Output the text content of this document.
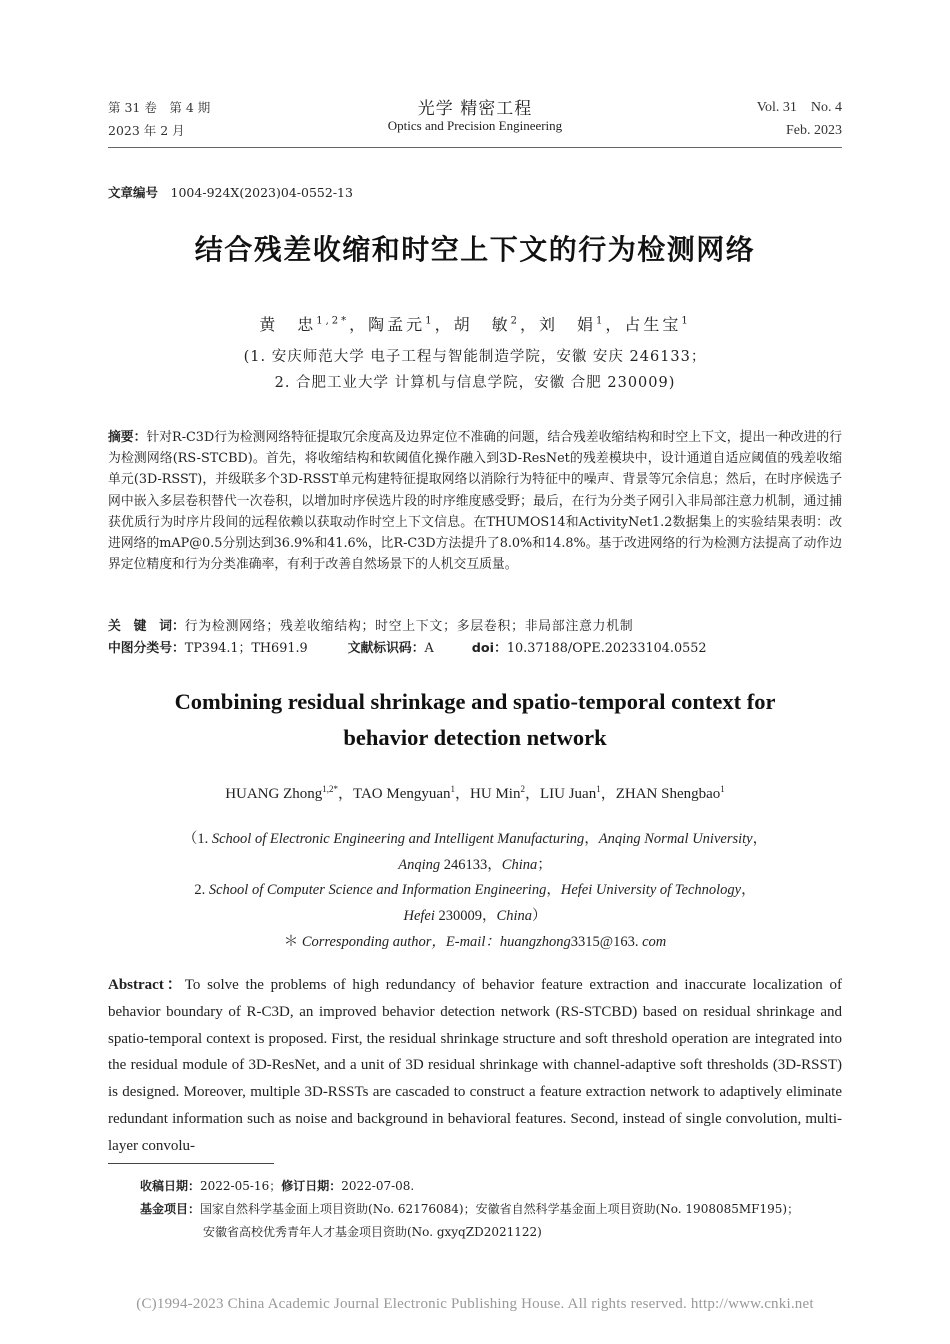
第 31 卷　第 4 期
2023 年 2 月
光学 精密工程
Optics and Precision Engineering
Vol. 31　No. 4
Feb. 2023
文章编号　 1004-924X(2023)04-0552-13
结合残差收缩和时空上下文的行为检测网络
黄　忠$^{1,2*}$，陶孟元$^1$，胡　敏$^2$，刘　娟$^1$，占生宝$^1$
(1. 安庆师范大学 电子工程与智能制造学院，安徽 安庆 246133；
2. 合肥工业大学 计算机与信息学院，安徽 合肥 230009)
摘要：针对R-C3D行为检测网络特征提取冗余度高及边界定位不准确的问题，结合残差收缩结构和时空上下文，提出一种改进的行为检测网络(RS-STCBD)。首先，将收缩结构和软阈值化操作融入到3D-ResNet的残差模块中，设计通道自适应阈值的残差收缩单元(3D-RSST)，并级联多个3D-RSST单元构建特征提取网络以消除行为特征中的噪声、背景等冗余信息；然后，在时序候选子网中嵌入多层卷积替代一次卷积，以增加时序侯选片段的时序维度感受野；最后，在行为分类子网引入非局部注意力机制，通过捕获优质行为时序片段间的远程依赖以获取动作时空上下文信息。在THUMOS14和ActivityNet1.2数据集上的实验结果表明：改进网络的mAP@0.5分别达到36.9%和41.6%，比R-C3D方法提升了8.0%和14.8%。基于改进网络的行为检测方法提高了动作边界定位精度和行为分类准确率，有利于改善自然场景下的人机交互质量。
关　键　词：行为检测网络；残差收缩结构；时空上下文；多层卷积；非局部注意力机制
中图分类号：TP394.1；TH691.9	文献标识码：A	doi：10.37188/OPE.20233104.0552
Combining residual shrinkage and spatio-temporal context for
behavior detection network
HUANG Zhong$^{1,2*}$，TAO Mengyuan$^1$，HU Min$^2$，LIU Juan$^1$，ZHAN Shengbao$^1$
（1. School of Electronic Engineering and Intelligent Manufacturing，Anqing Normal University，
Anqing 246133，China；
2. School of Computer Science and Information Engineering，Hefei University of Technology，
Hefei 230009，China）
＊ Corresponding author，E-mail：huangzhong3315@163. com
Abstract：To solve the problems of high redundancy of behavior feature extraction and inaccurate localization of behavior boundary of R-C3D, an improved behavior detection network (RS-STCBD) based on residual shrinkage and spatio-temporal context is proposed. First, the residual shrinkage structure and soft threshold operation are integrated into the residual module of 3D-ResNet, and a unit of 3D residual shrinkage with channel-adaptive soft thresholds (3D-RSST) is designed. Moreover, multiple 3D-RSSTs are cascaded to construct a feature extraction network to adaptively eliminate redundant information such as noise and background in behavioral features. Second, instead of single convolution, multi-layer convolu-
收稿日期：2022-05-16；修订日期：2022-07-08.
基金项目：国家自然科学基金面上项目资助(No. 62176084)；安徽省自然科学基金面上项目资助(No. 1908085MF195)；
安徽省高校优秀青年人才基金项目资助(No. gxyqZD2021122)
(C)1994-2023 China Academic Journal Electronic Publishing House. All rights reserved. http://www.cnki.net
